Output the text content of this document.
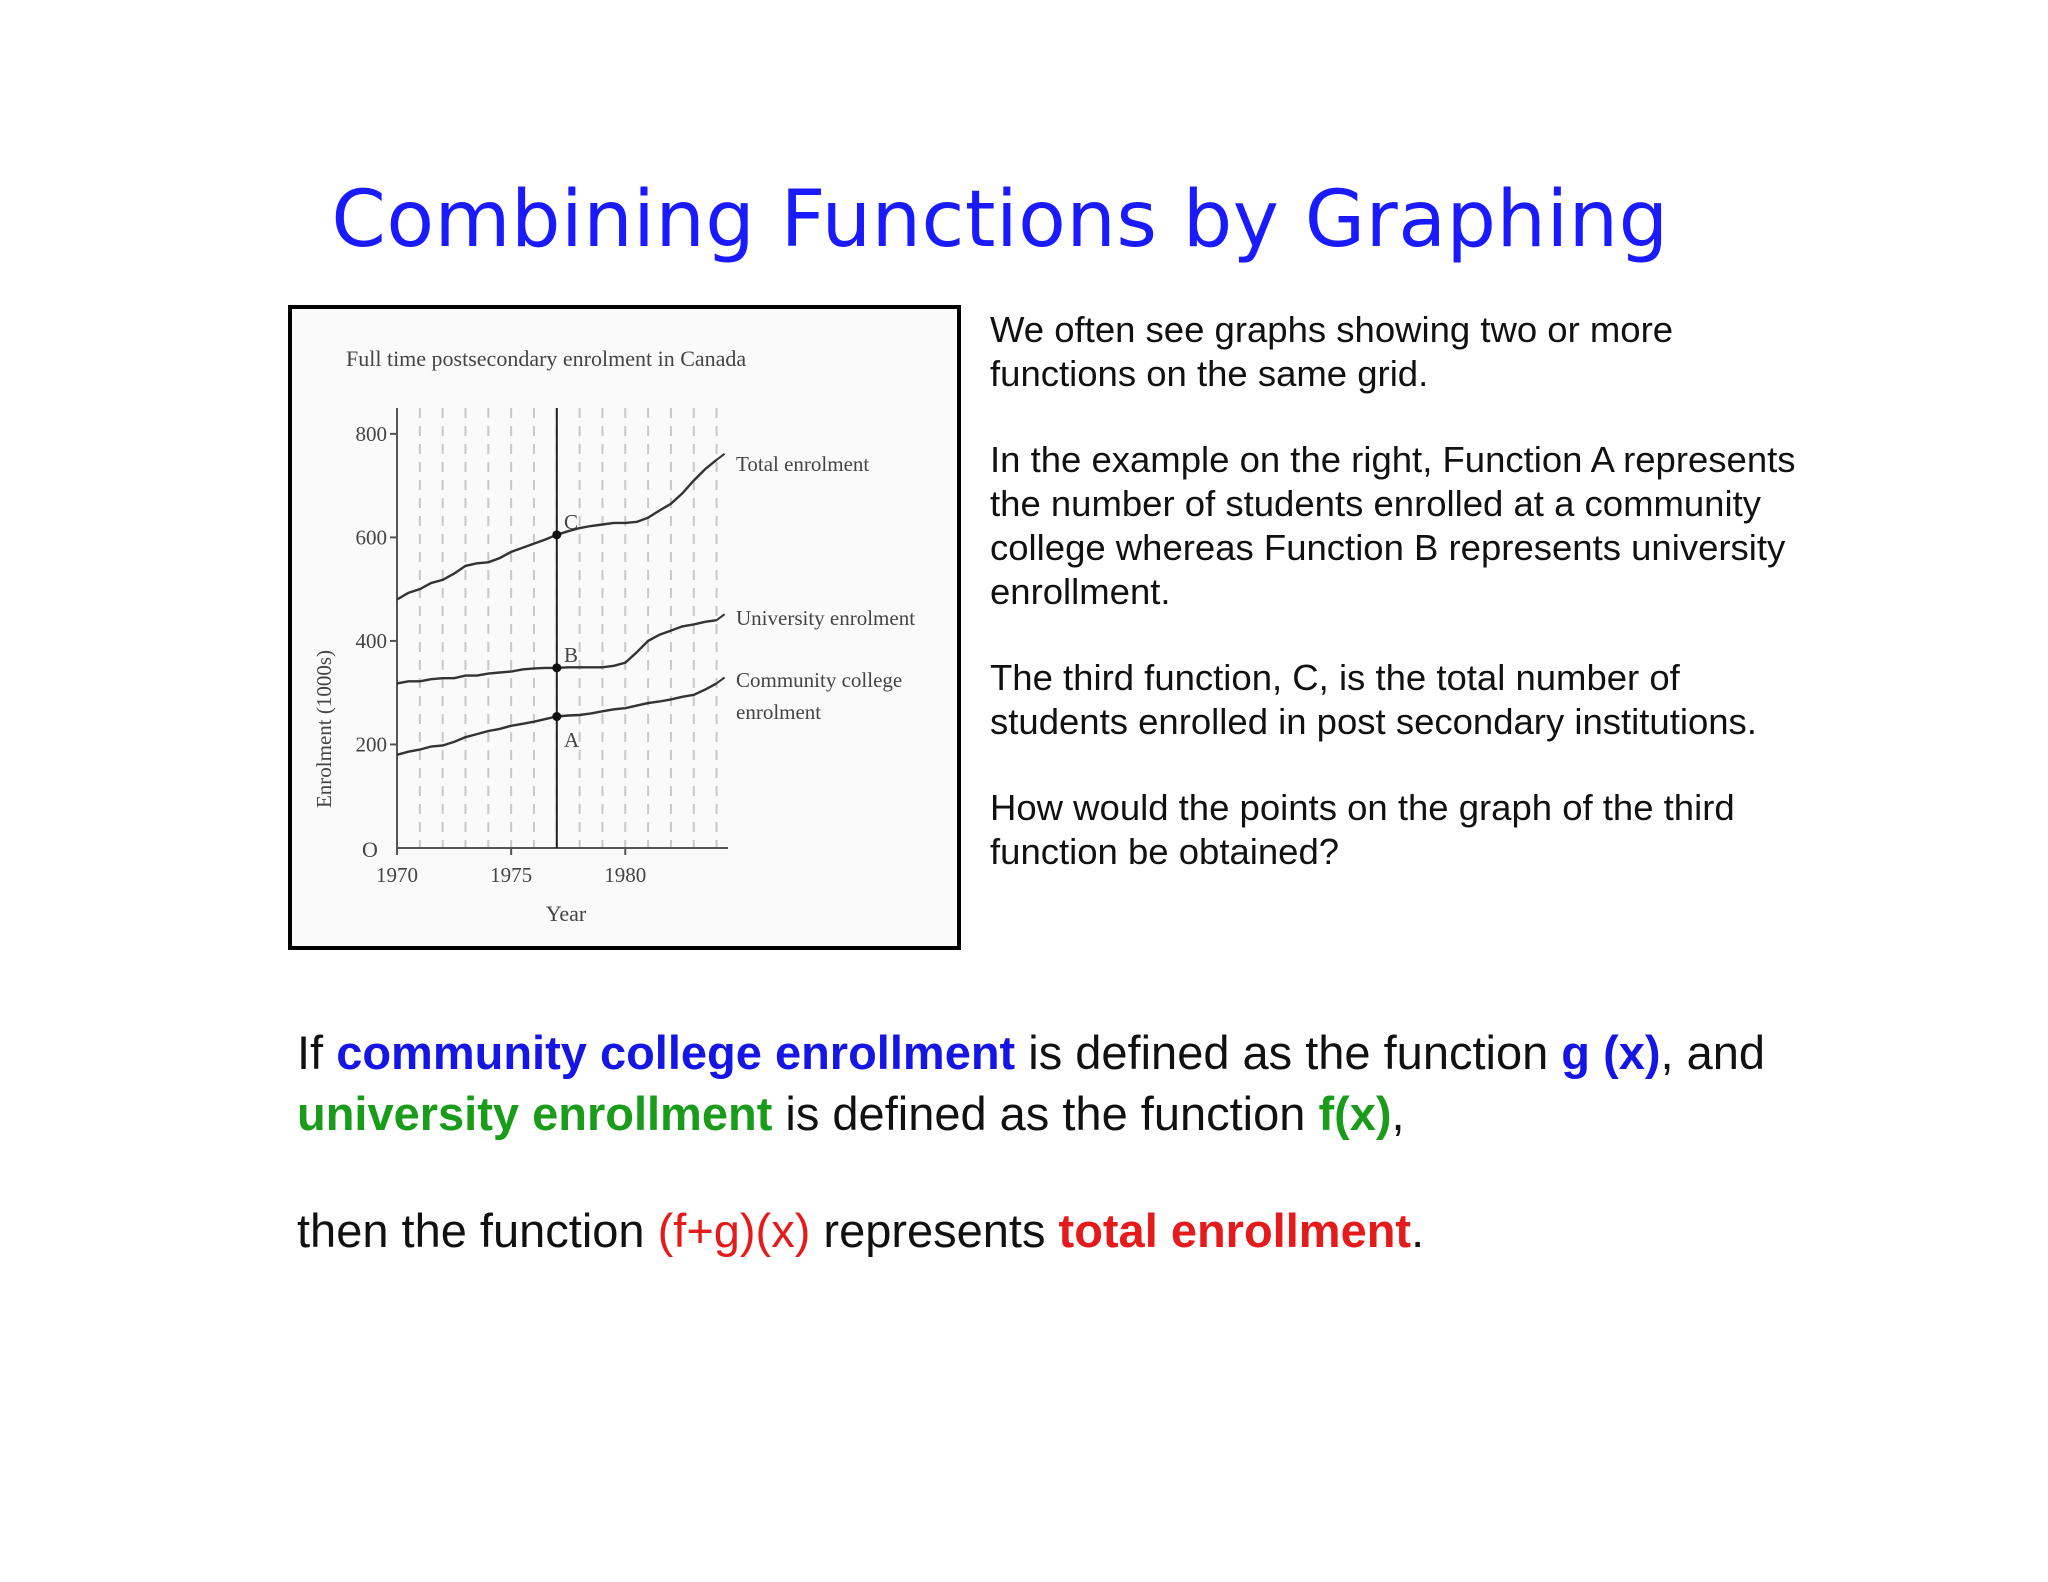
Combining Functions by Graphing
Full time postsecondary enrolment in Canada
Enrolment (1000s)
Year
O
200
400
600
800
1970	1975	1980
Total enrolment
University enrolment
Community college
enrolment
C
B
A

We often see graphs showing two or more functions on the same grid.

In the example on the right, Function A represents the number of students enrolled at a community college whereas Function B represents university enrollment.

The third function, C, is the total number of students enrolled in post secondary institutions.

How would the points on the graph of the third function be obtained?

If community college enrollment is defined as the function g (x), and university enrollment is defined as the function f(x),

then the function (f+g)(x) represents total enrollment.
